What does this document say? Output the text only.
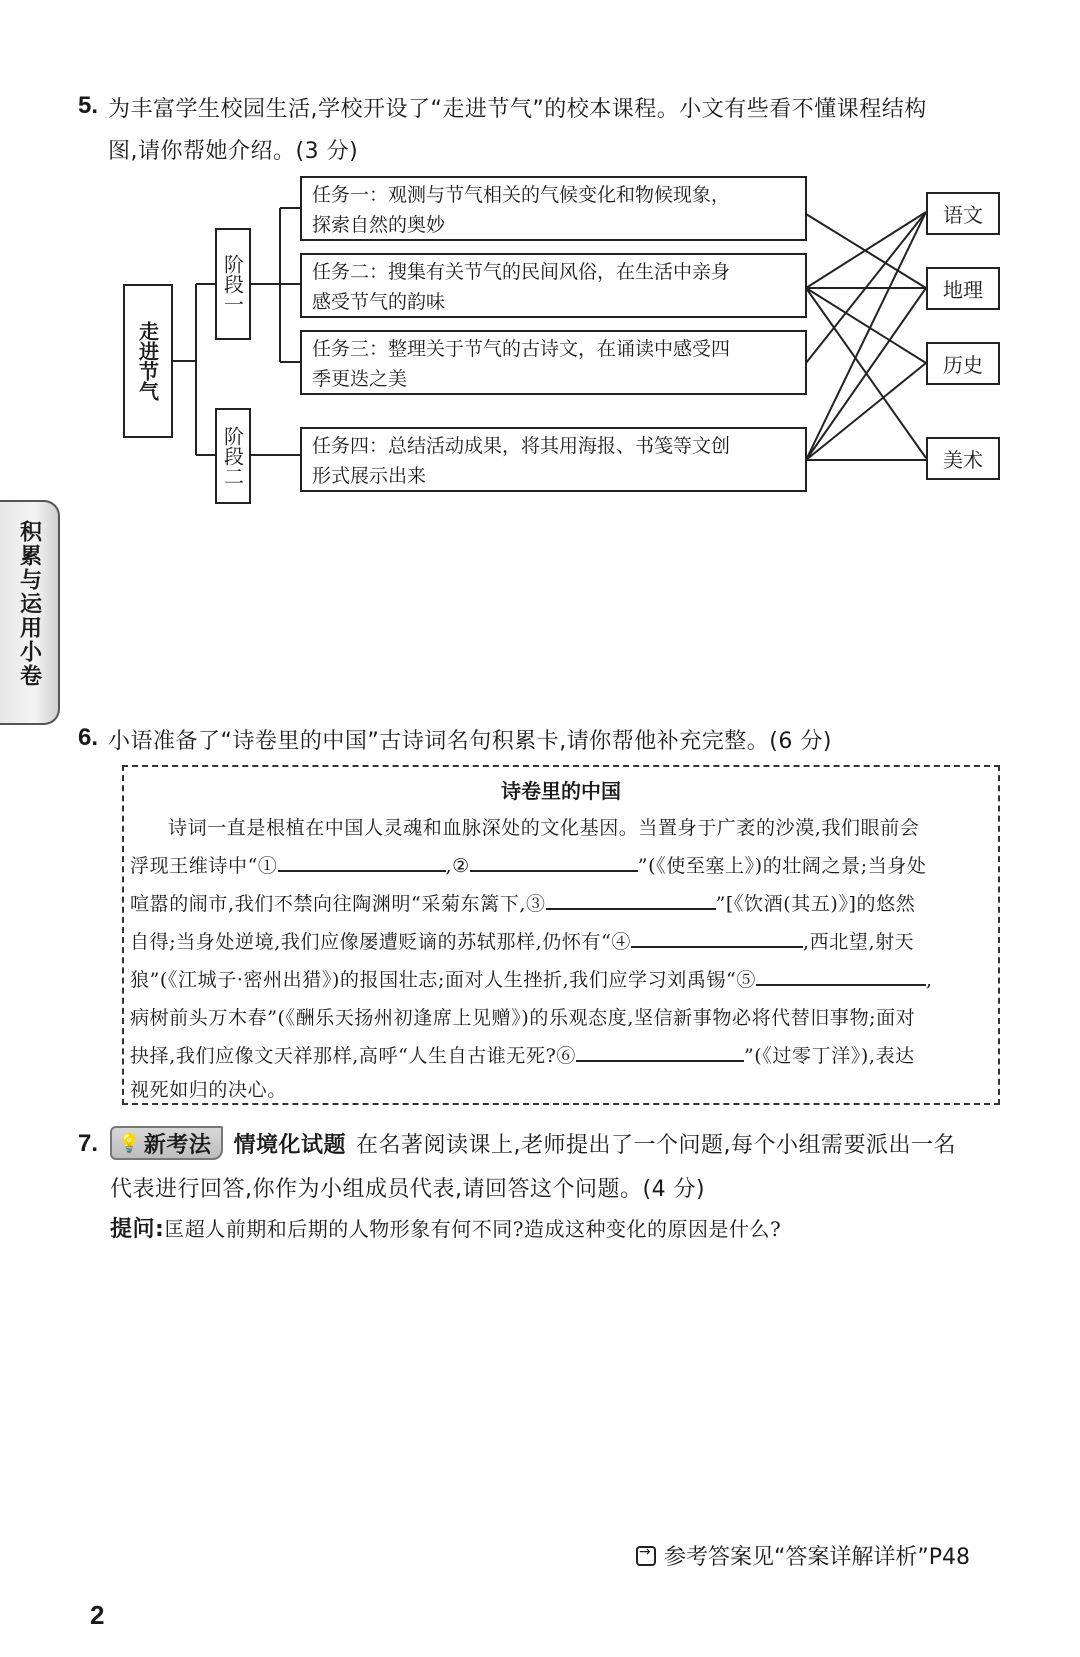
积累与运用小卷
5. 为丰富学生校园生活,学校开设了“走进节气”的校本课程。小文有些看不懂课程结构
图,请你帮她介绍。(3 分)
走进节气
阶段一
阶段二
任务一：观测与节气相关的气候变化和物候现象，
探索自然的奥妙
任务二：搜集有关节气的民间风俗，在生活中亲身
感受节气的韵味
任务三：整理关于节气的古诗文，在诵读中感受四
季更迭之美
任务四：总结活动成果，将其用海报、书笺等文创
形式展示出来
语文
地理
历史
美术
6. 小语准备了“诗卷里的中国”古诗词名句积累卡,请你帮他补充完整。(6 分)
诗卷里的中国
诗词一直是根植在中国人灵魂和血脉深处的文化基因。当置身于广袤的沙漠,我们眼前会
浮现王维诗中“①	,②	”(《使至塞上》)的壮阔之景;当身处
喧嚣的闹市,我们不禁向往陶渊明“采菊东篱下,③	”[《饮酒(其五)》]的悠然
自得;当身处逆境,我们应像屡遭贬谪的苏轼那样,仍怀有“④	,西北望,射天
狼”(《江城子·密州出猎》)的报国壮志;面对人生挫折,我们应学习刘禹锡“⑤	,
病树前头万木春”(《酬乐天扬州初逢席上见赠》)的乐观态度,坚信新事物必将代替旧事物;面对
抉择,我们应像文天祥那样,高呼“人生自古谁无死?⑥	”(《过零丁洋》),表达
视死如归的决心。
7. 💡 新考法 情境化试题 在名著阅读课上,老师提出了一个问题,每个小组需要派出一名
代表进行回答,你作为小组成员代表,请回答这个问题。(4 分)
提问:匡超人前期和后期的人物形象有何不同?造成这种变化的原因是什么?
→
参考答案见“答案详解详析”P48
2
